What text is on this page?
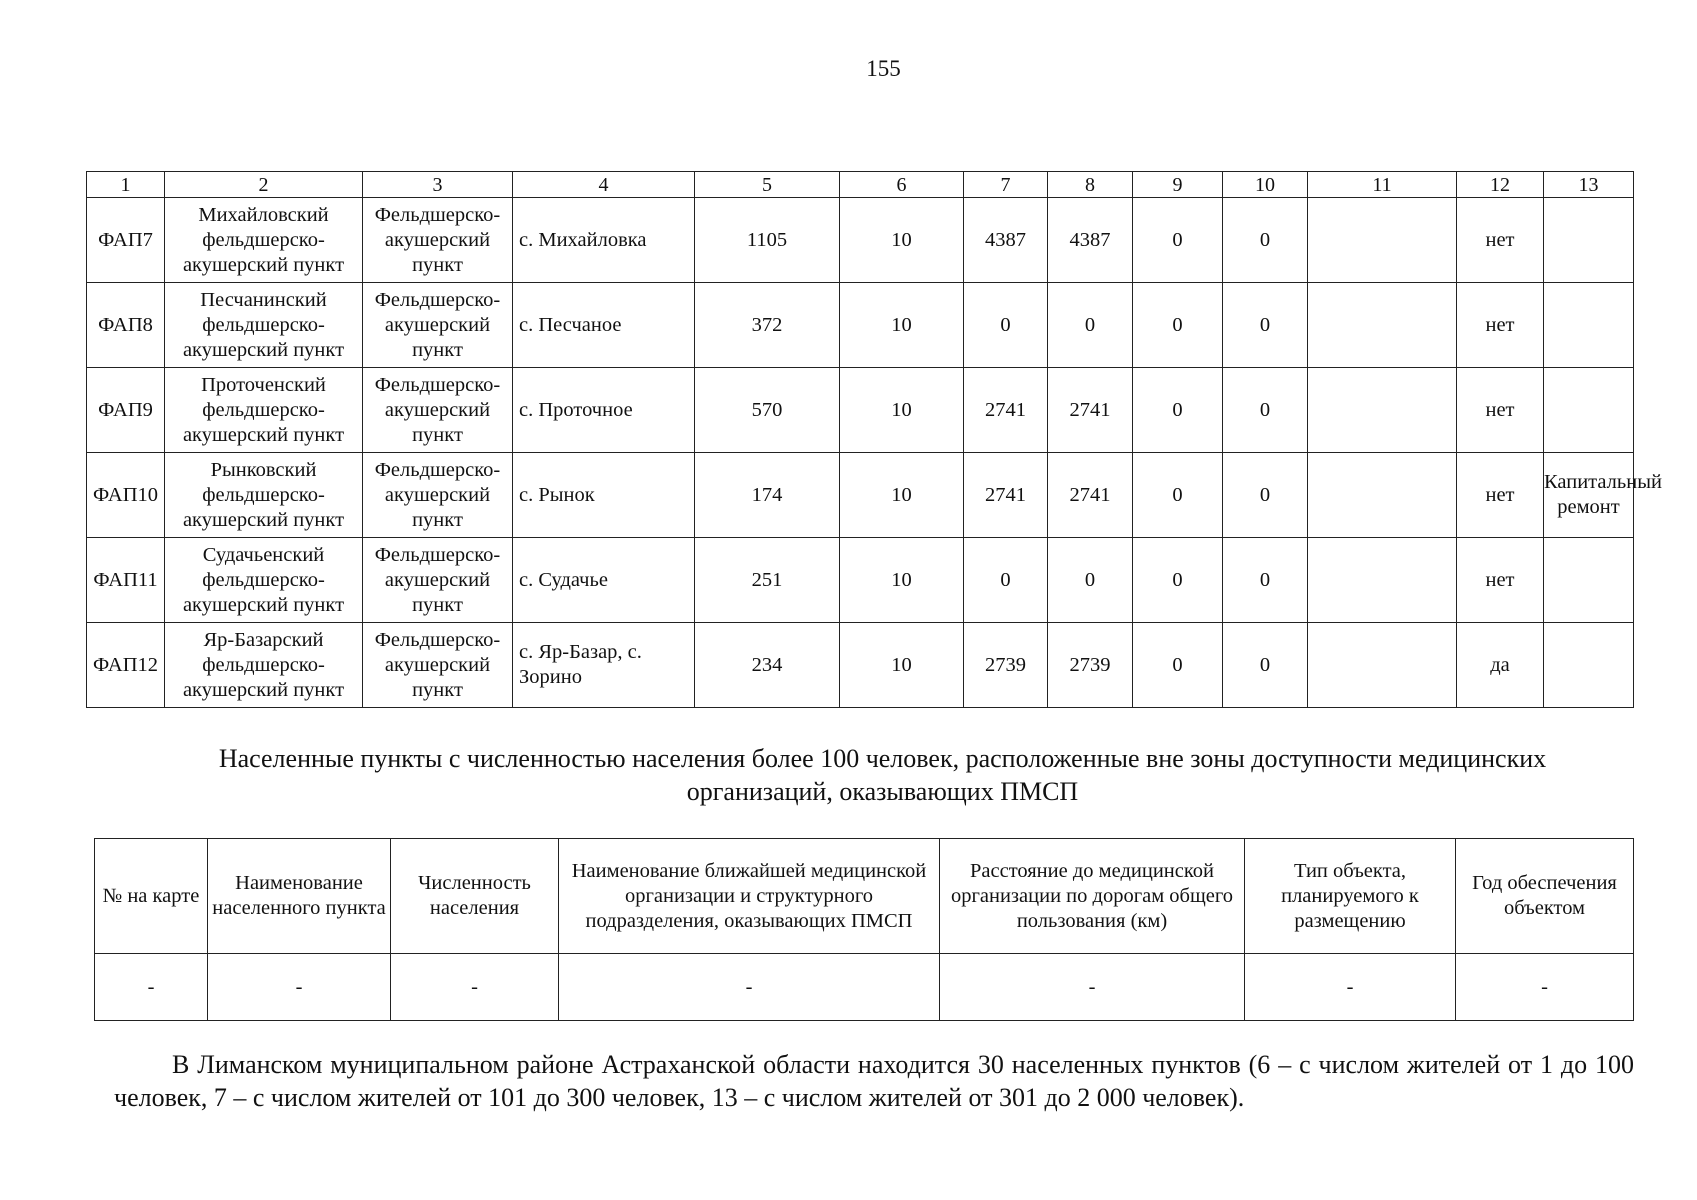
155
1	2	3	4	5	6	7	8	9	10	11	12	13
ФАП7	Михайловский фельдшерско-акушерский пункт	Фельдшерско-акушерский пункт	с. Михайловка	1105	10	4387	4387	0	0		нет	
ФАП8	Песчанинский фельдшерско-акушерский пункт	Фельдшерско-акушерский пункт	с. Песчаное	372	10	0	0	0	0		нет	
ФАП9	Проточенский фельдшерско-акушерский пункт	Фельдшерско-акушерский пункт	с. Проточное	570	10	2741	2741	0	0		нет	
ФАП10	Рынковский фельдшерско-акушерский пункт	Фельдшерско-акушерский пункт	с. Рынок	174	10	2741	2741	0	0		нет	Капитальный ремонт
ФАП11	Судачьенский фельдшерско-акушерский пункт	Фельдшерско-акушерский пункт	с. Судачье	251	10	0	0	0	0		нет	
ФАП12	Яр-Базарский фельдшерско-акушерский пункт	Фельдшерско-акушерский пункт	с. Яр-Базар, с. Зорино	234	10	2739	2739	0	0		да	
Населенные пункты с численностью населения более 100 человек, расположенные вне зоны доступности медицинских организаций, оказывающих ПМСП
№ на карте	Наименование населенного пункта	Численность населения	Наименование ближайшей медицинской организации и структурного подразделения, оказывающих ПМСП	Расстояние до медицинской организации по дорогам общего пользования (км)	Тип объекта, планируемого к размещению	Год обеспечения объектом
-	-	-	-	-	-	-
В Лиманском муниципальном районе Астраханской области находится 30 населенных пунктов (6 – с числом жителей от 1 до 100 человек, 7 – с числом жителей от 101 до 300 человек, 13 – с числом жителей от 301 до 2 000 человек).
